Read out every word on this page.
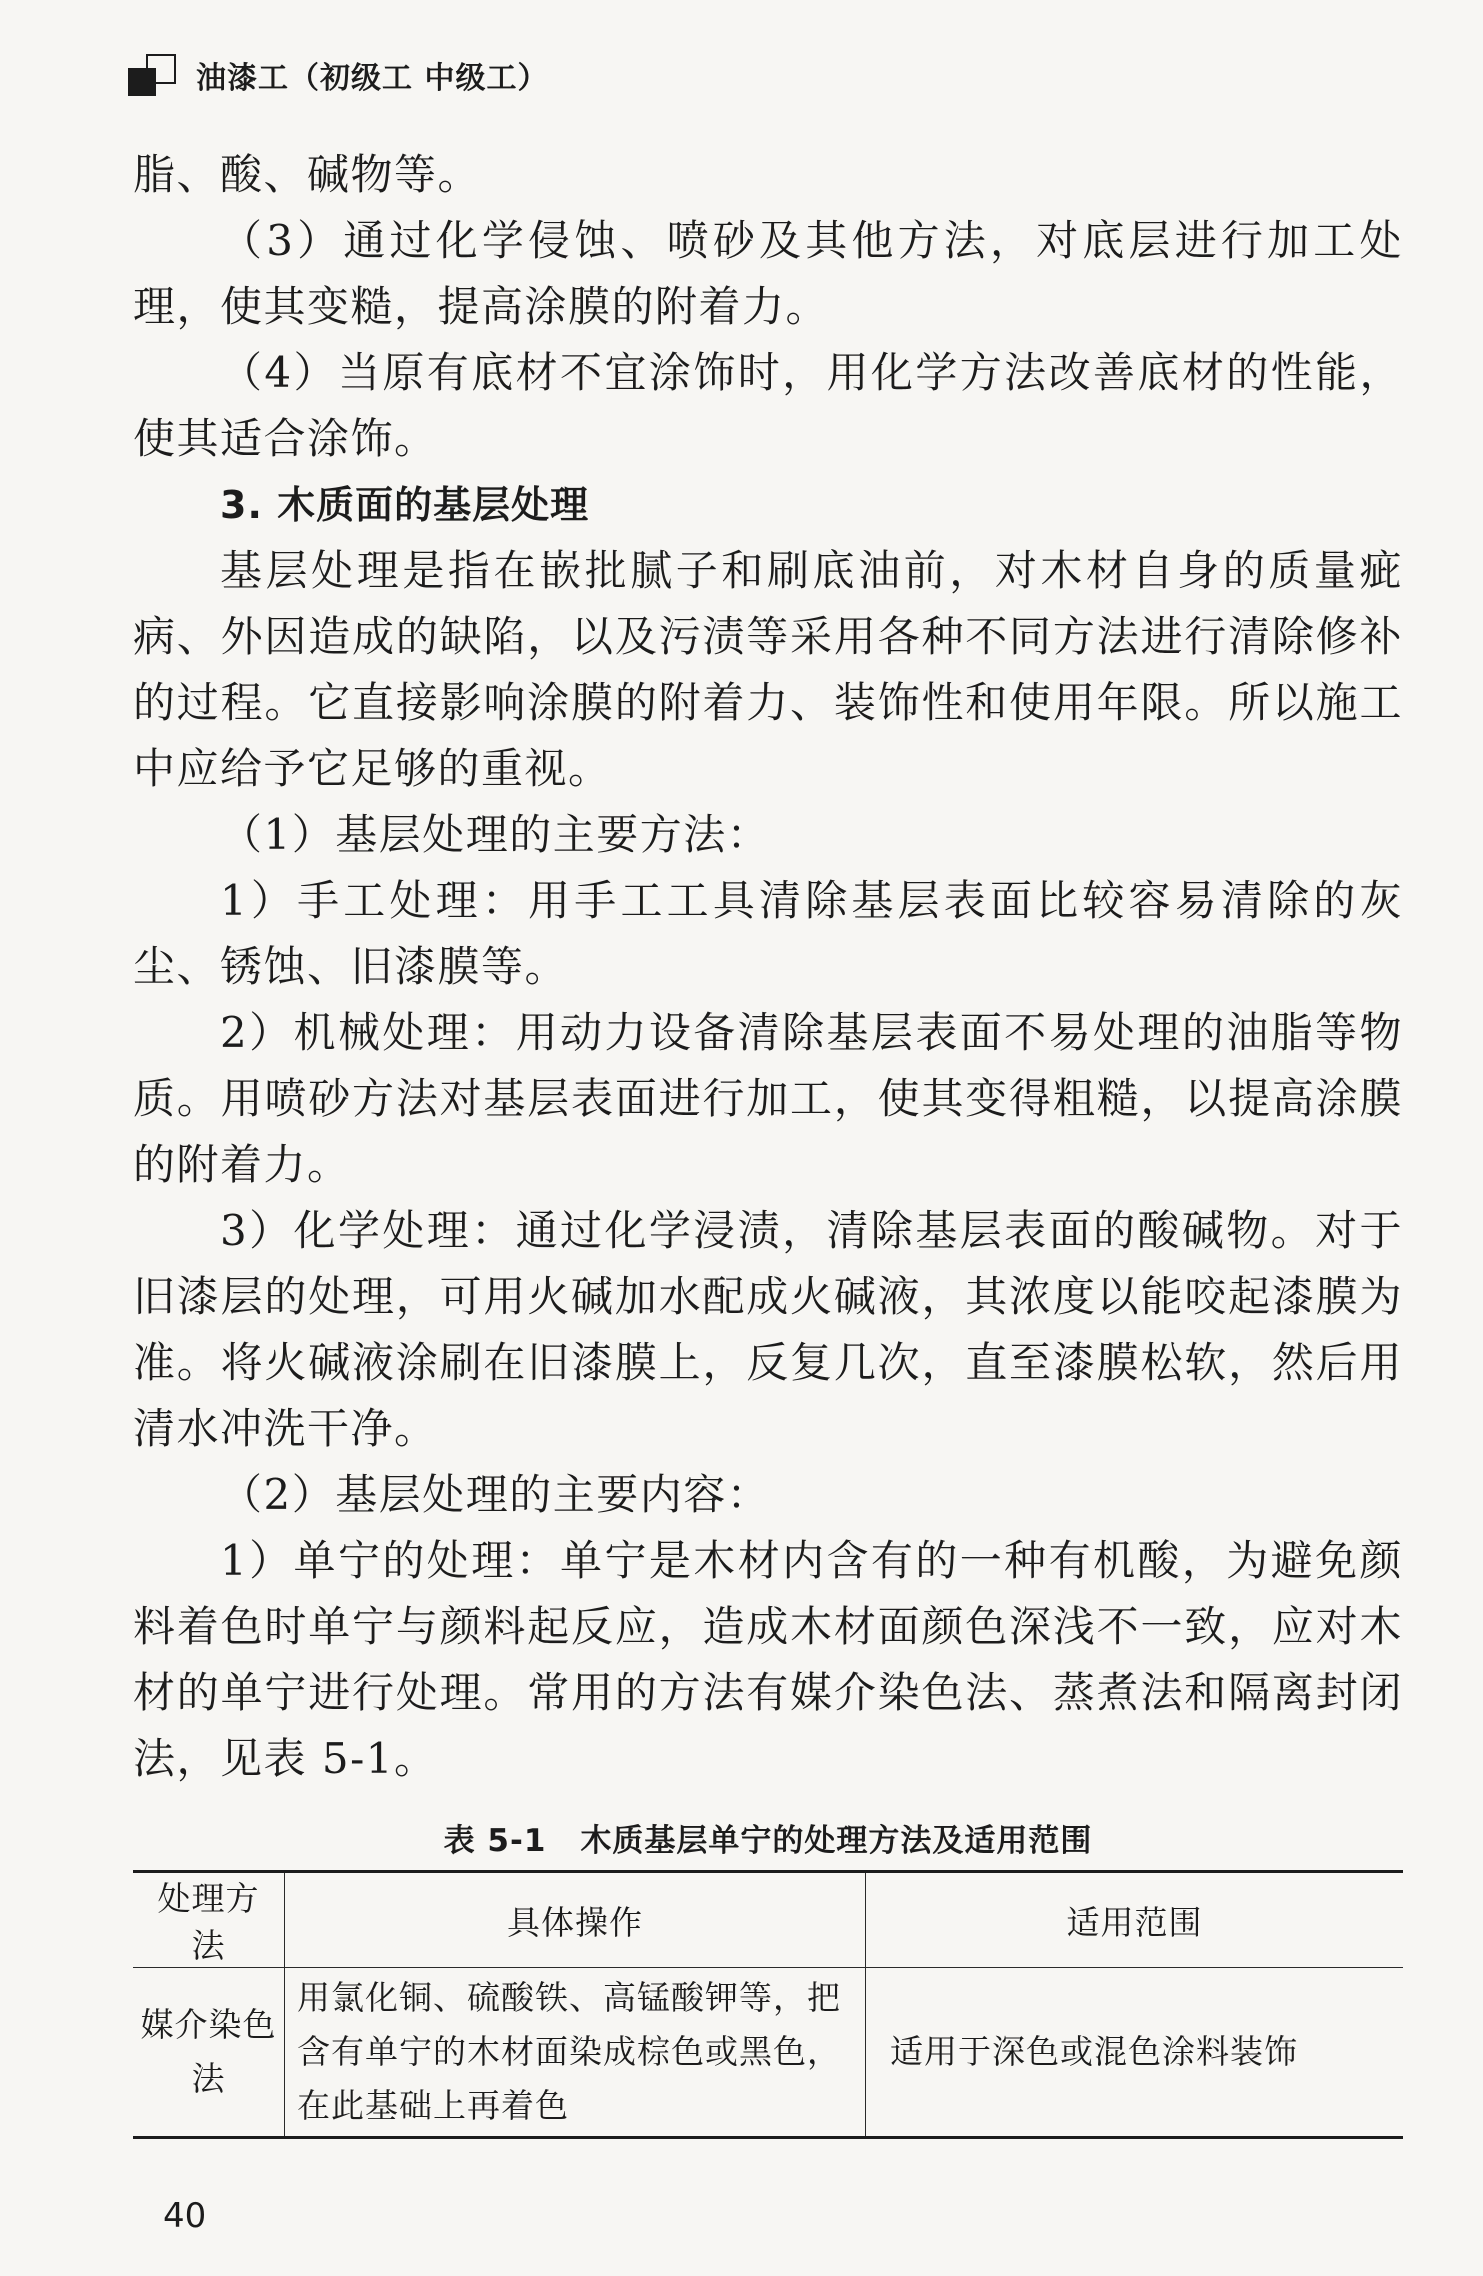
油漆工（初级工 中级工）

脂、酸、碱物等。

（3）通过化学侵蚀、喷砂及其他方法，对底层进行加工处理，使其变糙，提高涂膜的附着力。

（4）当原有底材不宜涂饰时，用化学方法改善底材的性能，使其适合涂饰。

3. 木质面的基层处理

基层处理是指在嵌批腻子和刷底油前，对木材自身的质量疵病、外因造成的缺陷，以及污渍等采用各种不同方法进行清除修补的过程。它直接影响涂膜的附着力、装饰性和使用年限。所以施工中应给予它足够的重视。

（1）基层处理的主要方法：

1）手工处理：用手工工具清除基层表面比较容易清除的灰尘、锈蚀、旧漆膜等。

2）机械处理：用动力设备清除基层表面不易处理的油脂等物质。用喷砂方法对基层表面进行加工，使其变得粗糙，以提高涂膜的附着力。

3）化学处理：通过化学浸渍，清除基层表面的酸碱物。对于旧漆层的处理，可用火碱加水配成火碱液，其浓度以能咬起漆膜为准。将火碱液涂刷在旧漆膜上，反复几次，直至漆膜松软，然后用清水冲洗干净。

（2）基层处理的主要内容：

1）单宁的处理：单宁是木材内含有的一种有机酸，为避免颜料着色时单宁与颜料起反应，造成木材面颜色深浅不一致，应对木材的单宁进行处理。常用的方法有媒介染色法、蒸煮法和隔离封闭法，见表 5-1。

表 5-1 木质基层单宁的处理方法及适用范围
处理方法	具体操作	适用范围
媒介染色法	用氯化铜、硫酸铁、高锰酸钾等，把含有单宁的木材面染成棕色或黑色，在此基础上再着色	适用于深色或混色涂料装饰
40
